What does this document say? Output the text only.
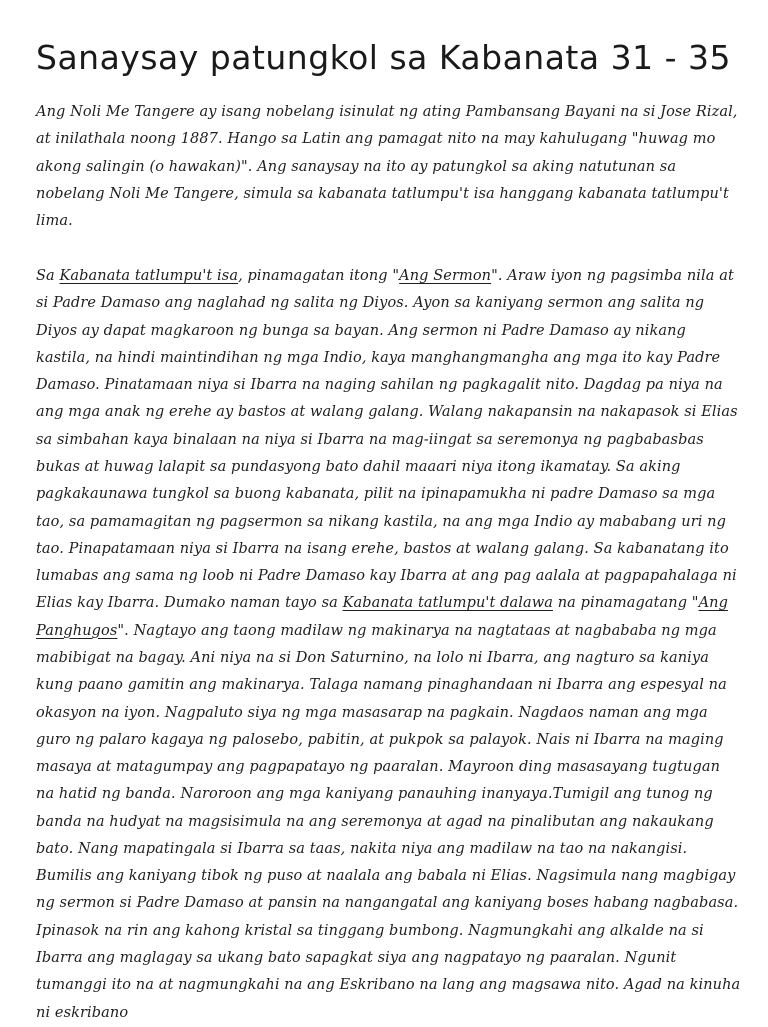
Sanaysay patungkol sa Kabanata 31 - 35

Ang Noli Me Tangere ay isang nobelang isinulat ng ating Pambansang Bayani na si Jose Rizal, at inilathala noong 1887. Hango sa Latin ang pamagat nito na may kahulugang "huwag mo akong salingin (o hawakan)". Ang sanaysay na ito ay patungkol sa aking natutunan sa nobelang Noli Me Tangere, simula sa kabanata tatlumpu't isa hanggang kabanata tatlumpu't lima.

Sa Kabanata tatlumpu't isa, pinamagatan itong "Ang Sermon". Araw iyon ng pagsimba nila at si Padre Damaso ang naglahad ng salita ng Diyos. Ayon sa kaniyang sermon ang salita ng Diyos ay dapat magkaroon ng bunga sa bayan. Ang sermon ni Padre Damaso ay nikang kastila, na hindi maintindihan ng mga Indio, kaya manghangmangha ang mga ito kay Padre Damaso. Pinatamaan niya si Ibarra na naging sahilan ng pagkagalit nito. Dagdag pa niya na ang mga anak ng erehe ay bastos at walang galang. Walang nakapansin na nakapasok si Elias sa simbahan kaya binalaan na niya si Ibarra na mag-iingat sa seremonya ng pagbabasbas bukas at huwag lalapit sa pundasyong bato dahil maaari niya itong ikamatay. Sa aking pagkakaunawa tungkol sa buong kabanata, pilit na ipinapamukha ni padre Damaso sa mga tao, sa pamamagitan ng pagsermon sa nikang kastila, na ang mga Indio ay mababang uri ng tao. Pinapatamaan niya si Ibarra na isang erehe, bastos at walang galang. Sa kabanatang ito lumabas ang sama ng loob ni Padre Damaso kay Ibarra at ang pag aalala at pagpapahalaga ni Elias kay Ibarra. Dumako naman tayo sa Kabanata tatlumpu't dalawa na pinamagatang "Ang Panghugos". Nagtayo ang taong madilaw ng makinarya na nagtataas at nagbababa ng mga mabibigat na bagay. Ani niya na si Don Saturnino, na lolo ni Ibarra, ang nagturo sa kaniya kung paano gamitin ang makinarya. Talaga namang pinaghandaan ni Ibarra ang espesyal na okasyon na iyon. Nagpaluto siya ng mga masasarap na pagkain. Nagdaos naman ang mga guro ng palaro kagaya ng palosebo, pabitin, at pukpok sa palayok. Nais ni Ibarra na maging masaya at matagumpay ang pagpapatayo ng paaralan. Mayroon ding masasayang tugtugan na hatid ng banda. Naroroon ang mga kaniyang panauhing inanyaya.Tumigil ang tunog ng banda na hudyat na magsisimula na ang seremonya at agad na pinalibutan ang nakaukang bato. Nang mapatingala si Ibarra sa taas, nakita niya ang madilaw na tao na nakangisi. Bumilis ang kaniyang tibok ng puso at naalala ang babala ni Elias. Nagsimula nang magbigay ng sermon si Padre Damaso at pansin na nangangatal ang kaniyang boses habang nagbabasa. Ipinasok na rin ang kahong kristal sa tinggang bumbong. Nagmungkahi ang alkalde na si Ibarra ang maglagay sa ukang bato sapagkat siya ang nagpatayo ng paaralan. Ngunit tumanggi ito na at nagmungkahi na ang Eskribano na lang ang magsawa nito. Agad na kinuha ni eskribano
